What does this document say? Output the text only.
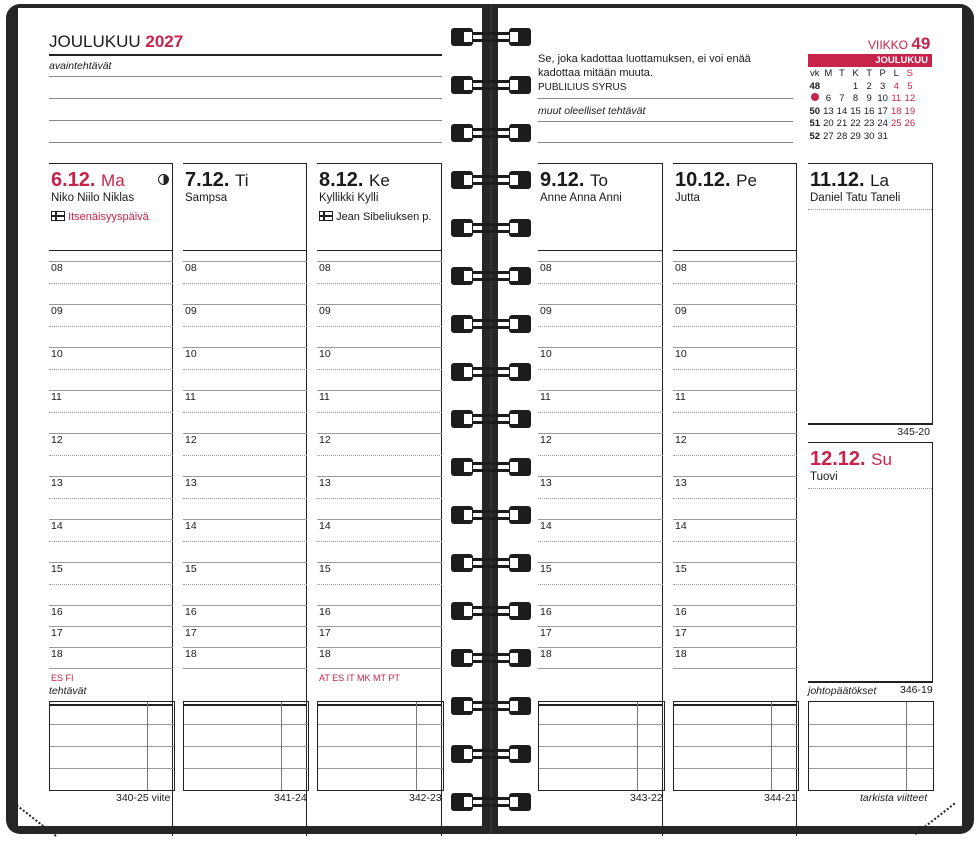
JOULUKUU 2027
avaintehtävät
6.12. Ma
Niko Niilo Niklas
Itsenäisyyspäivä
ES FI
08
09
10
11
12
13
14
15
16
17
18
7.12. Ti
Sampsa
08
09
10
11
12
13
14
15
16
17
18
8.12. Ke
Kyllikki Kylli
Jean Sibeliuksen p.
AT ES IT MK MT PT
08
09
10
11
12
13
14
15
16
17
18
tehtävät
340-25 viite	341-24	342-23
Se, joka kadottaa luottamuksen, ei voi enää kadottaa mitään muuta.
PUBLILIUS SYRUS
muut oleelliset tehtävät
VIIKKO 49
JOULUKUU
vk	M	T	K	T	P	L	S
48			1	2	3	4	5
	6	7	8	9	10	11	12
50	13	14	15	16	17	18	19
51	20	21	22	23	24	25	26
52	27	28	29	30	31		
9.12. To
Anne Anna Anni
08
09
10
11
12
13
14
15
16
17
18
10.12. Pe
Jutta
08
09
10
11
12
13
14
15
16
17
18
11.12. La
Daniel Tatu Taneli
345-20
12.12. Su
Tuovi
johtopäätökset 346-19
343-22	344-21	tarkista viitteet
